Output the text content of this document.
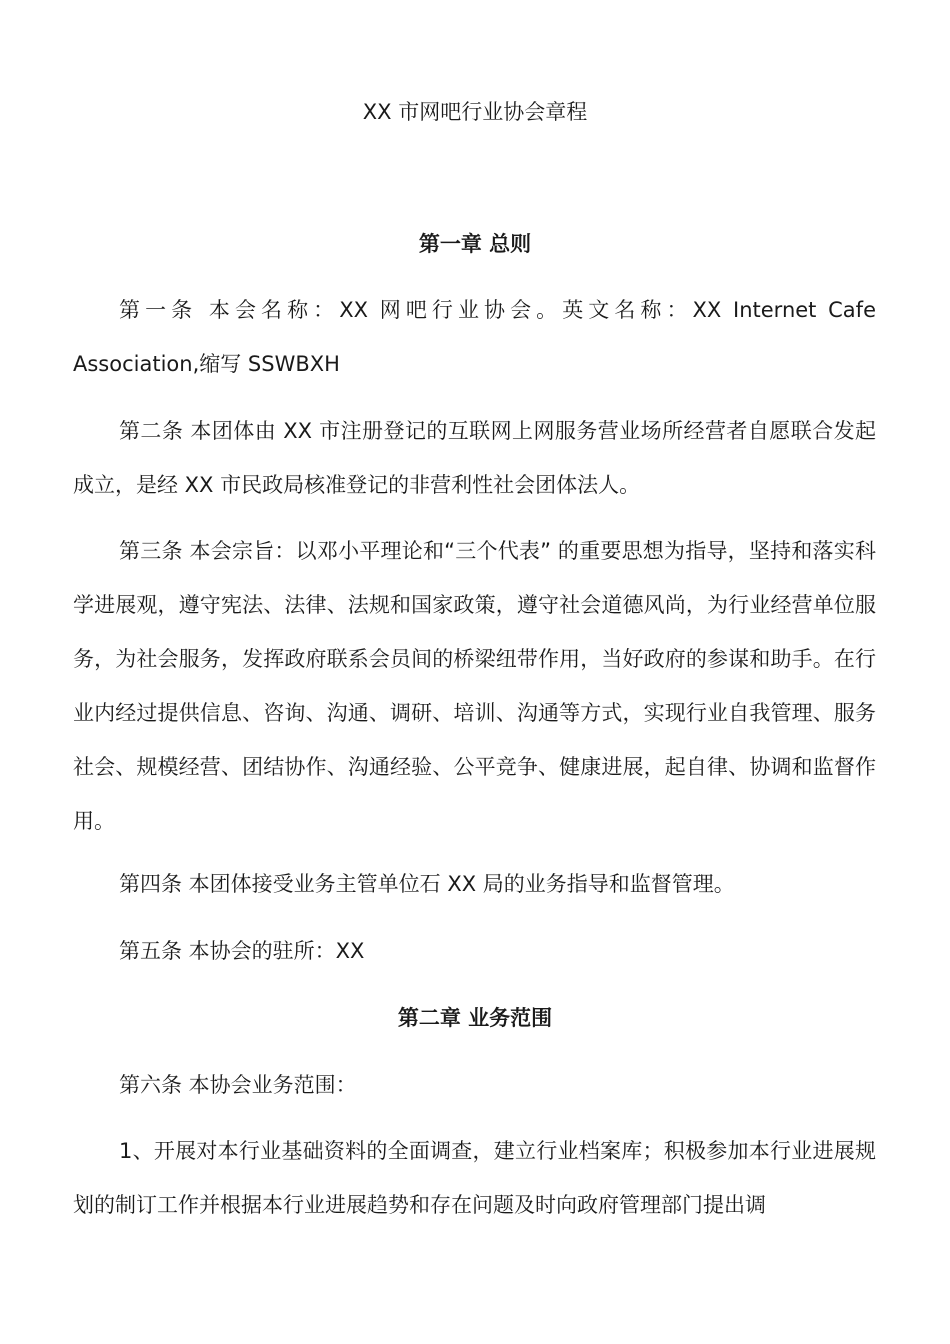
XX 市网吧行业协会章程
第一章 总则

第一条 本会名称：XX 网吧行业协会。英文名称：XX Internet Cafe Association,缩写 SSWBXH

第二条 本团体由 XX 市注册登记的互联网上网服务营业场所经营者自愿联合发起成立，是经 XX 市民政局核准登记的非营利性社会团体法人。

第三条 本会宗旨：以邓小平理论和“三个代表” 的重要思想为指导，坚持和落实科学进展观，遵守宪法、法律、法规和国家政策，遵守社会道德风尚，为行业经营单位服务，为社会服务，发挥政府联系会员间的桥梁纽带作用，当好政府的参谋和助手。在行业内经过提供信息、咨询、沟通、调研、培训、沟通等方式，实现行业自我管理、服务社会、规模经营、团结协作、沟通经验、公平竞争、健康进展，起自律、协调和监督作用。

第四条 本团体接受业务主管单位石 XX 局的业务指导和监督管理。

第五条 本协会的驻所：XX

第二章 业务范围

第六条 本协会业务范围：

1、开展对本行业基础资料的全面调查，建立行业档案库；积极参加本行业进展规划的制订工作并根据本行业进展趋势和存在问题及时向政府管理部门提出调
